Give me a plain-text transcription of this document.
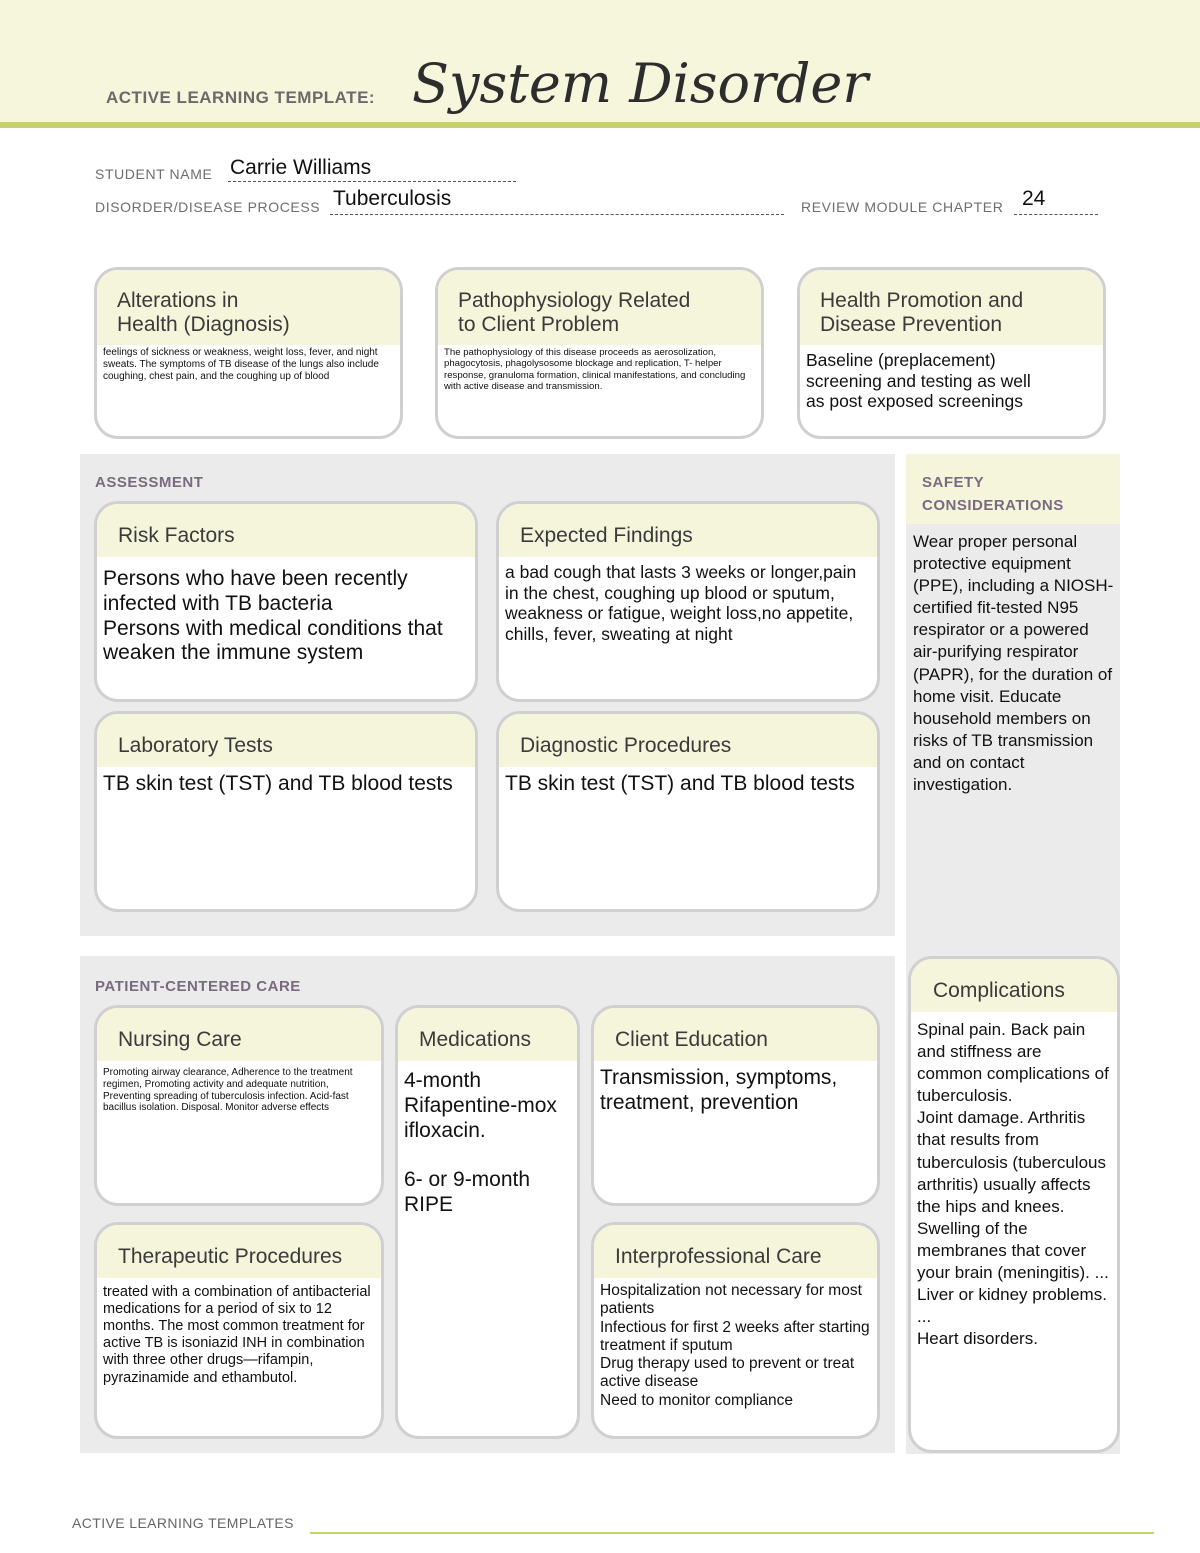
ACTIVE LEARNING TEMPLATE: System Disorder
STUDENT NAME Carrie Williams
DISORDER/DISEASE PROCESS Tuberculosis	REVIEW MODULE CHAPTER 24
Alterations in
Health (Diagnosis)
feelings of sickness or weakness, weight loss, fever, and night sweats. The symptoms of TB disease of the lungs also include coughing, chest pain, and the coughing up of blood
Pathophysiology Related
to Client Problem
The pathophysiology of this disease proceeds as aerosolization, phagocytosis, phagolysosome blockage and replication, T- helper response, granuloma formation, clinical manifestations, and concluding with active disease and transmission.
Health Promotion and
Disease Prevention
Baseline (preplacement)
screening and testing as well
as post exposed screenings
ASSESSMENT
Risk Factors
Persons who have been recently infected with TB bacteria
Persons with medical conditions that weaken the immune system
Expected Findings
a bad cough that lasts 3 weeks or longer,pain in the chest, coughing up blood or sputum, weakness or fatigue, weight loss,no appetite, chills, fever, sweating at night
Laboratory Tests
TB skin test (TST) and TB blood tests
Diagnostic Procedures
TB skin test (TST) and TB blood tests
SAFETY
CONSIDERATIONS
Wear proper personal protective equipment (PPE), including a NIOSH-certified fit-tested N95 respirator or a powered air-purifying respirator (PAPR), for the duration of home visit. Educate household members on risks of TB transmission and on contact investigation.
PATIENT-CENTERED CARE
Nursing Care
Promoting airway clearance, Adherence to the treatment regimen, Promoting activity and adequate nutrition, Preventing spreading of tuberculosis infection. Acid-fast bacillus isolation. Disposal. Monitor adverse effects
Medications
4-month
Rifapentine-mox
ifloxacin.

6- or 9-month
RIPE
Client Education
Transmission, symptoms, treatment, prevention
Therapeutic Procedures
treated with a combination of antibacterial medications for a period of six to 12 months. The most common treatment for active TB is isoniazid INH in combination with three other drugs—rifampin, pyrazinamide and ethambutol.
Interprofessional Care
Hospitalization not necessary for most patients
Infectious for first 2 weeks after starting treatment if sputum
Drug therapy used to prevent or treat active disease
Need to monitor compliance
Complications
Spinal pain. Back pain and stiffness are common complications of tuberculosis.
Joint damage. Arthritis that results from tuberculosis (tuberculous arthritis) usually affects the hips and knees.
Swelling of the membranes that cover your brain (meningitis). ...
Liver or kidney problems. ...
Heart disorders.
ACTIVE LEARNING TEMPLATES
